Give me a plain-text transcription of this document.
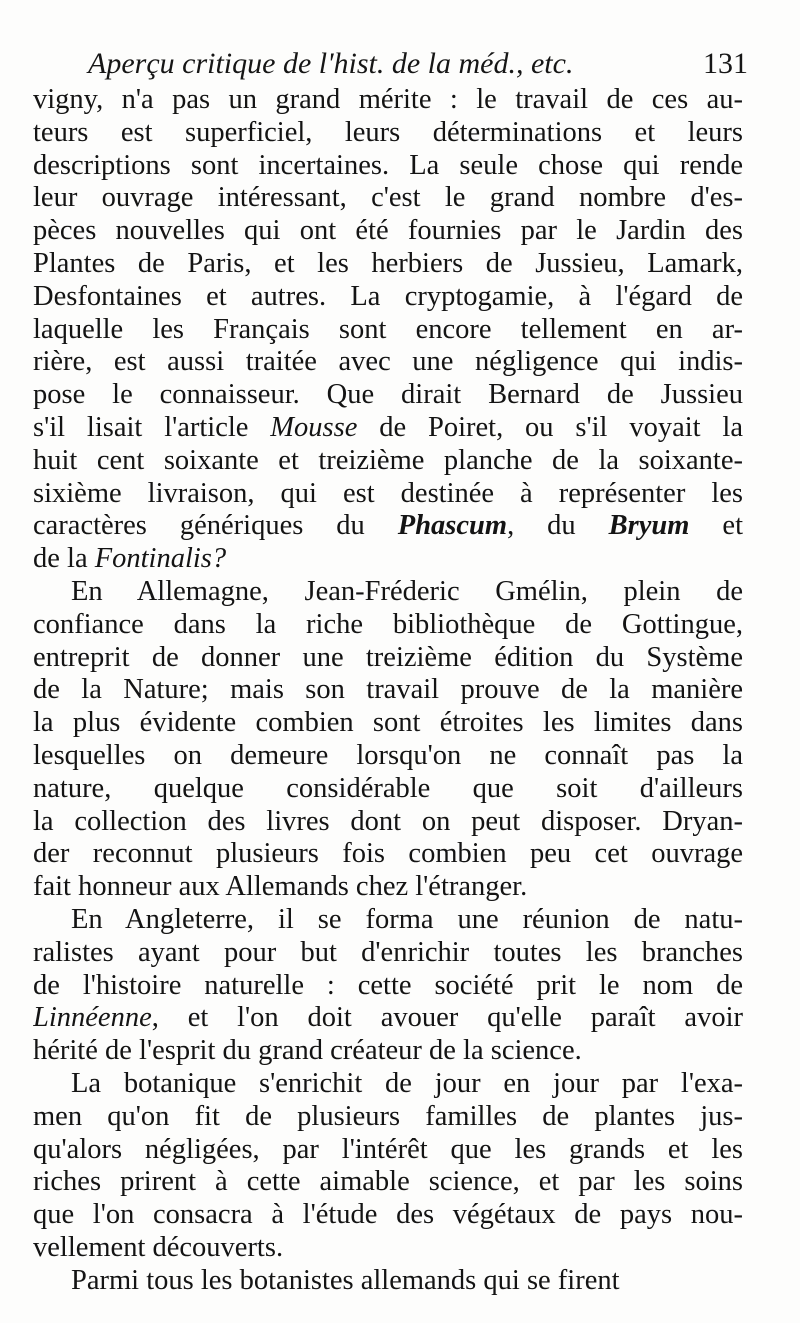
Aperçu critique de l'hist. de la méd., etc.	131
vigny, n'a pas un grand mérite : le travail de ces au-
teurs est superficiel, leurs déterminations et leurs
descriptions sont incertaines. La seule chose qui rende
leur ouvrage intéressant, c'est le grand nombre d'es-
pèces nouvelles qui ont été fournies par le Jardin des
Plantes de Paris, et les herbiers de Jussieu, Lamark,
Desfontaines et autres. La cryptogamie, à l'égard de
laquelle les Français sont encore tellement en ar-
rière, est aussi traitée avec une négligence qui indis-
pose le connaisseur. Que dirait Bernard de Jussieu
s'il lisait l'article Mousse de Poiret, ou s'il voyait la
huit cent soixante et treizième planche de la soixante-
sixième livraison, qui est destinée à représenter les
caractères génériques du Phascum, du Bryum et
de la Fontinalis?
En Allemagne, Jean-Fréderic Gmélin, plein de
confiance dans la riche bibliothèque de Gottingue,
entreprit de donner une treizième édition du Système
de la Nature; mais son travail prouve de la manière
la plus évidente combien sont étroites les limites dans
lesquelles on demeure lorsqu'on ne connaît pas la
nature, quelque considérable que soit d'ailleurs
la collection des livres dont on peut disposer. Dryan-
der reconnut plusieurs fois combien peu cet ouvrage
fait honneur aux Allemands chez l'étranger.
En Angleterre, il se forma une réunion de natu-
ralistes ayant pour but d'enrichir toutes les branches
de l'histoire naturelle : cette société prit le nom de
Linnéenne, et l'on doit avouer qu'elle paraît avoir
hérité de l'esprit du grand créateur de la science.
La botanique s'enrichit de jour en jour par l'exa-
men qu'on fit de plusieurs familles de plantes jus-
qu'alors négligées, par l'intérêt que les grands et les
riches prirent à cette aimable science, et par les soins
que l'on consacra à l'étude des végétaux de pays nou-
vellement découverts.
Parmi tous les botanistes allemands qui se firent
